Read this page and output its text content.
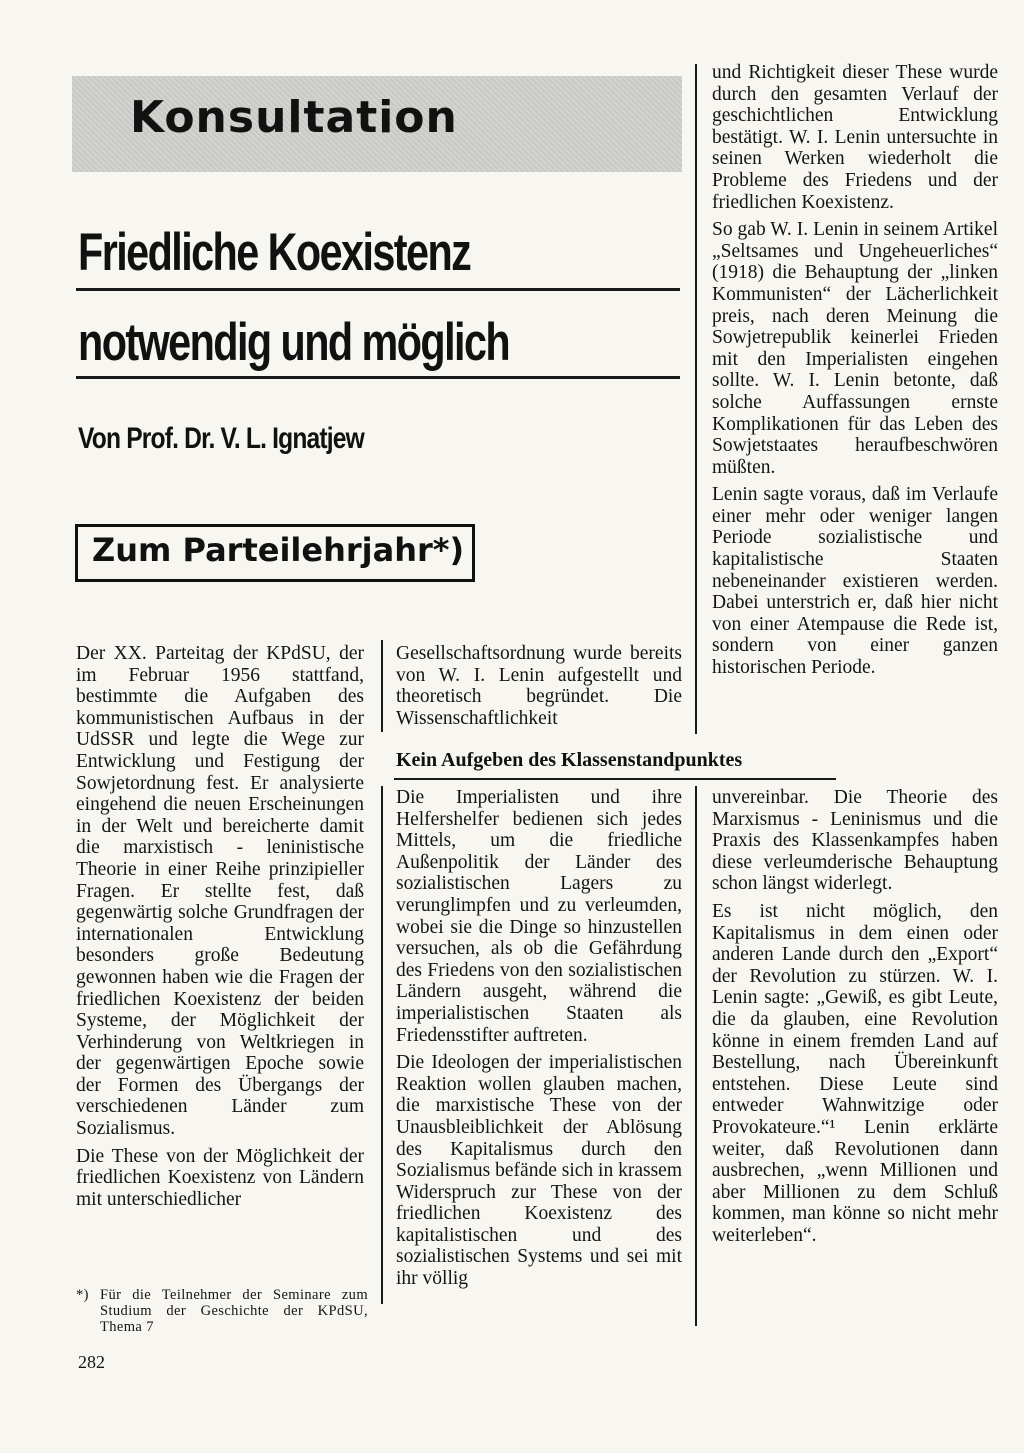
Konsultation
Friedliche Koexistenz
notwendig und möglich
Von Prof. Dr. V. L. Ignatjew
Zum Parteilehrjahr*)

Der XX. Parteitag der KPdSU, der im Februar 1956 stattfand, bestimmte die Aufgaben des kommunistischen Aufbaus in der UdSSR und legte die Wege zur Entwicklung und Festigung der Sowjetordnung fest. Er analysierte eingehend die neuen Erscheinungen in der Welt und bereicherte damit die marxistisch - leninistische Theorie in einer Reihe prinzipieller Fragen. Er stellte fest, daß gegenwärtig solche Grundfragen der internationalen Entwicklung besonders große Bedeutung gewonnen haben wie die Fragen der friedlichen Koexistenz der beiden Systeme, der Möglichkeit der Verhinderung von Weltkriegen in der gegenwärtigen Epoche sowie der Formen des Übergangs der verschiedenen Länder zum Sozialismus.

Die These von der Möglichkeit der friedlichen Koexistenz von Ländern mit unterschiedlicher

Gesellschaftsordnung wurde bereits von W. I. Lenin aufgestellt und theoretisch begründet. Die Wissenschaftlichkeit

und Richtigkeit dieser These wurde durch den gesamten Verlauf der geschichtlichen Entwicklung bestätigt. W. I. Lenin untersuchte in seinen Werken wiederholt die Probleme des Friedens und der friedlichen Koexistenz.

So gab W. I. Lenin in seinem Artikel „Seltsames und Ungeheuerliches“ (1918) die Behauptung der „linken Kommunisten“ der Lächerlichkeit preis, nach deren Meinung die Sowjetrepublik keinerlei Frieden mit den Imperialisten eingehen sollte. W. I. Lenin betonte, daß solche Auffassungen ernste Komplikationen für das Leben des Sowjetstaates heraufbeschwören müßten.

Lenin sagte voraus, daß im Verlaufe einer mehr oder weniger langen Periode sozialistische und kapitalistische Staaten nebeneinander existieren werden. Dabei unterstrich er, daß hier nicht von einer Atempause die Rede ist, sondern von einer ganzen historischen Periode.

Kein Aufgeben des Klassenstandpunktes

Die Imperialisten und ihre Helfershelfer bedienen sich jedes Mittels, um die friedliche Außenpolitik der Länder des sozialistischen Lagers zu verunglimpfen und zu verleumden, wobei sie die Dinge so hinzustellen versuchen, als ob die Gefährdung des Friedens von den sozialistischen Ländern ausgeht, während die imperialistischen Staaten als Friedensstifter auftreten.

Die Ideologen der imperialistischen Reaktion wollen glauben machen, die marxistische These von der Unausbleiblichkeit der Ablösung des Kapitalismus durch den Sozialismus befände sich in krassem Widerspruch zur These von der friedlichen Koexistenz des kapitalistischen und des sozialistischen Systems und sei mit ihr völlig

unvereinbar. Die Theorie des Marxismus - Leninismus und die Praxis des Klassenkampfes haben diese verleumderische Behauptung schon längst widerlegt.

Es ist nicht möglich, den Kapitalismus in dem einen oder anderen Lande durch den „Export“ der Revolution zu stürzen. W. I. Lenin sagte: „Gewiß, es gibt Leute, die da glauben, eine Revolution könne in einem fremden Land auf Bestellung, nach Übereinkunft entstehen. Diese Leute sind entweder Wahnwitzige oder Provokateure.“¹ Lenin erklärte weiter, daß Revolutionen dann ausbrechen, „wenn Millionen und aber Millionen zu dem Schluß kommen, man könne so nicht mehr weiterleben“.

*) Für die Teilnehmer der Seminare zum Studium der Geschichte der KPdSU, Thema 7
282
